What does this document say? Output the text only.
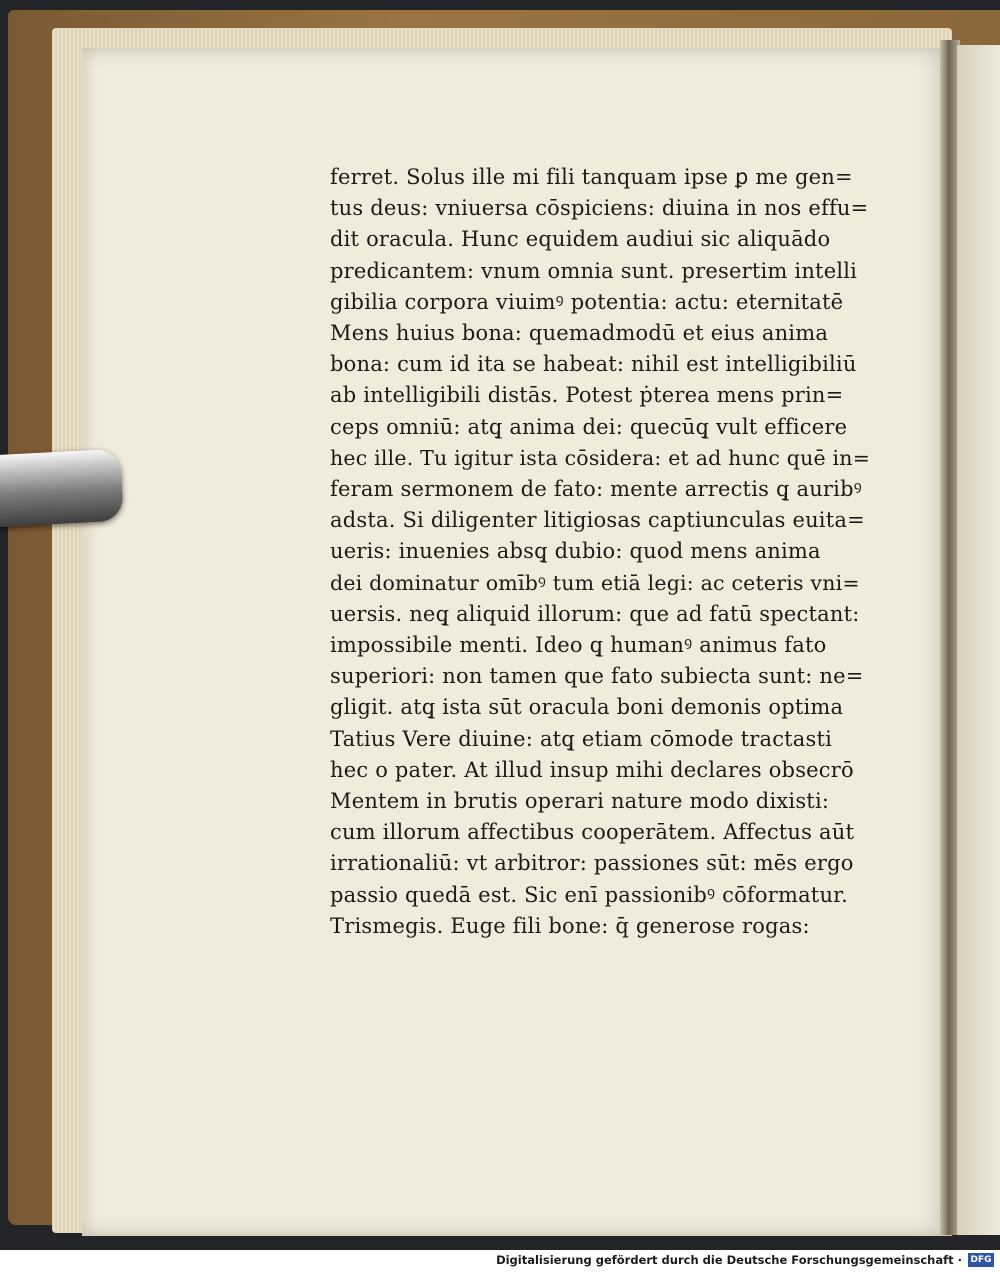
ferret. Solus ille mi fili tanquam ipse ꝑ me gen=
tus deus: vniuersa cōspiciens: diuina in nos effu=
dit oracula. Hunc equidem audiui sic aliquādo
predicantem: vnum omnia sunt. presertim intelli
gibilia corpora viuimꝰ potentia: actu: eternitatē
Mens huius bona: quemadmodū et eius anima
bona: cum id ita se habeat: nihil est intelligibiliū
ab intelligibili distās. Potest ṗterea mens prin=
ceps omniū: atq̧ anima dei: quecūq̧ vult efficere
hec ille. Tu igitur ista cōsidera: et ad hunc quē in=
feram sermonem de fato: mente arrectis q̧ auribꝰ
adsta. Si diligenter litigiosas captiunculas euita=
ueris: inuenies absq̧ dubio: quod mens anima
dei dominatur omībꝰ tum etiā legi: ac ceteris vni=
uersis. neq̧ aliquid illorum: que ad fatū spectant:
impossibile menti. Ideo q̧ humanꝰ animus fato
superiori: non tamen que fato subiecta sunt: ne=
gligit. atq̧ ista sūt oracula boni demonis optima
Tatius Vere diuine: atq̧ etiam cōmode tractasti
hec o pater. At illud insup mihi declares obsecrō
Mentem in brutis operari nature modo dixisti:
cum illorum affectibus cooperātem. Affectus aūt
irrationaliū: vt arbitror: passiones sūt: mēs ergo
passio quedā est. Sic enī passionibꝰ cōformatur.
Trismegis. Euge fili bone: q̄ generose rogas:
Digitalisierung gefördert durch die Deutsche Forschungsgemeinschaft · DFG
